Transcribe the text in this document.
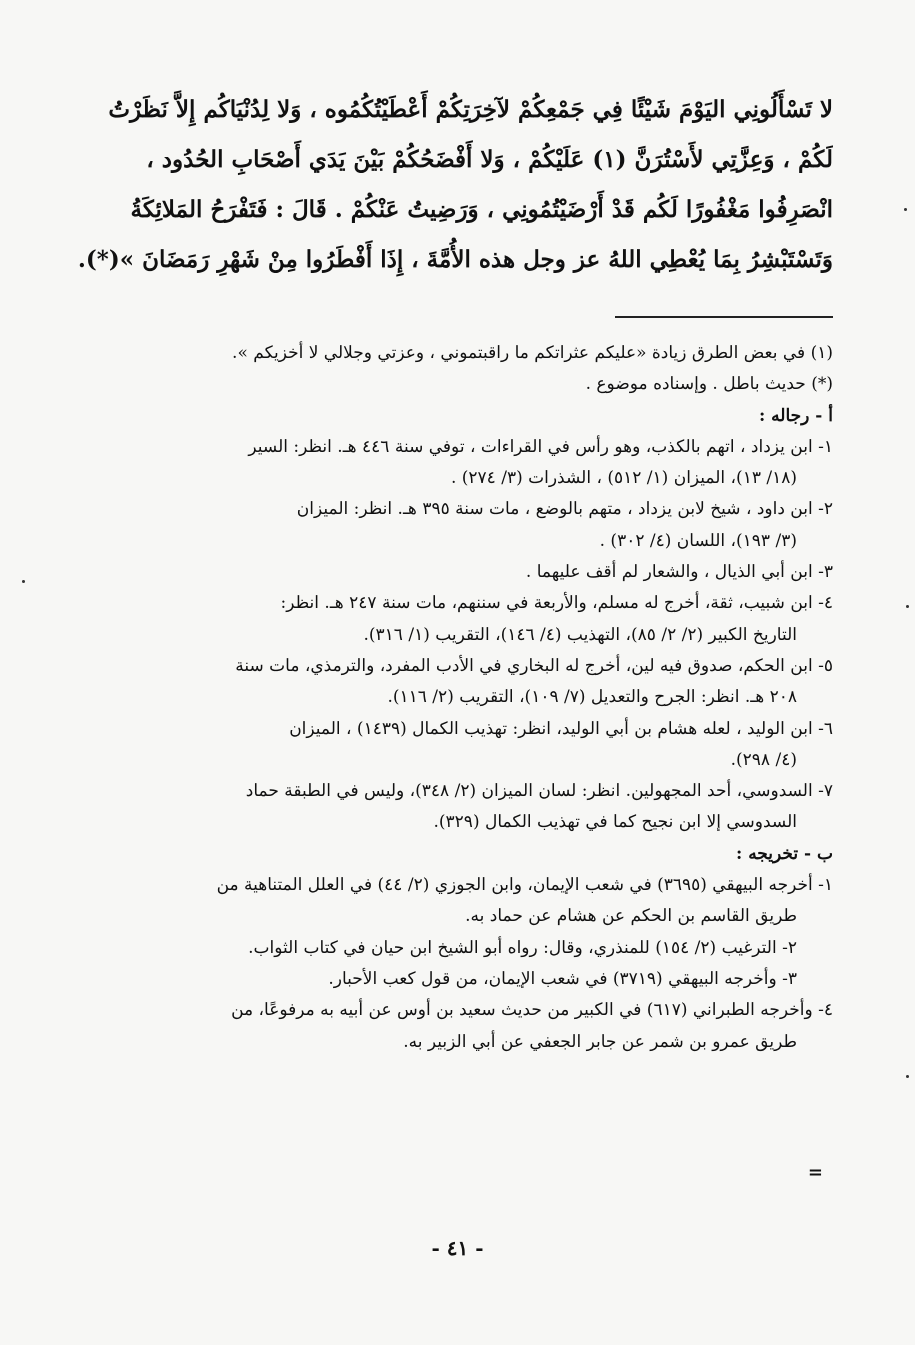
لا تَسْأَلُونِي اليَوْمَ شَيْئًا فِي جَمْعِكُمْ لآخِرَتِكُمْ أَعْطَيْتُكُمُوه ، وَلا لِدُنْيَاكُم إِلاَّ نَظَرْتُ
لَكُمْ ، وَعِزَّتِي لأَسْتُرَنَّ (١) عَلَيْكُمْ ، وَلا أَفْضَحُكُمْ بَيْنَ يَدَي أَصْحَابِ الحُدُود ،
انْصَرِفُوا مَغْفُورًا لَكُم قَدْ أَرْضَيْتُمُونِي ، وَرَضِيتُ عَنْكُمْ . قَالَ : فَتَفْرَحُ المَلائِكَةُ
وَتَسْتَبْشِرُ بِمَا يُعْطِي اللهُ عز وجل هذه الأُمَّةَ ، إِذَا أَفْطَرُوا مِنْ شَهْرِ رَمَضَانَ »(*).
(١) في بعض الطرق زيادة «عليكم عثراتكم ما راقبتموني ، وعزتي وجلالي لا أخزيكم ».
(*) حديث باطل . وإسناده موضوع .
أ - رجاله :
١- ابن يزداد ، اتهم بالكذب، وهو رأس في القراءات ، توفي سنة ٤٤٦ هـ. انظر: السير
(١٨/ ١٣)، الميزان (١/ ٥١٢) ، الشذرات (٣/ ٢٧٤) .
٢- ابن داود ، شيخ لابن يزداد ، متهم بالوضع ، مات سنة ٣٩٥ هـ. انظر: الميزان
(٣/ ١٩٣)، اللسان (٤/ ٣٠٢) .
٣- ابن أبي الذيال ، والشعار لم أقف عليهما .
٤- ابن شبيب، ثقة، أخرج له مسلم، والأربعة في سننهم، مات سنة ٢٤٧ هـ. انظر:
التاريخ الكبير (٢/ ٢/ ٨٥)، التهذيب (٤/ ١٤٦)، التقريب (١/ ٣١٦).
٥- ابن الحكم، صدوق فيه لين، أخرج له البخاري في الأدب المفرد، والترمذي، مات سنة
٢٠٨ هـ. انظر: الجرح والتعديل (٧/ ١٠٩)، التقريب (٢/ ١١٦).
٦- ابن الوليد ، لعله هشام بن أبي الوليد، انظر: تهذيب الكمال (١٤٣٩) ، الميزان
(٤/ ٢٩٨).
٧- السدوسي، أحد المجهولين. انظر: لسان الميزان (٢/ ٣٤٨)، وليس في الطبقة حماد
السدوسي إلا ابن نجيح كما في تهذيب الكمال (٣٢٩).
ب - تخريجه :
١- أخرجه البيهقي (٣٦٩٥) في شعب الإيمان، وابن الجوزي (٢/ ٤٤) في العلل المتناهية من
طريق القاسم بن الحكم عن هشام عن حماد به.
٢- الترغيب (٢/ ١٥٤) للمنذري، وقال: رواه أبو الشيخ ابن حيان في كتاب الثواب.
٣- وأخرجه البيهقي (٣٧١٩) في شعب الإيمان، من قول كعب الأحبار.
٤- وأخرجه الطبراني (٦١٧) في الكبير من حديث سعيد بن أوس عن أبيه به مرفوعًا، من
طريق عمرو بن شمر عن جابر الجعفي عن أبي الزبير به.
=
- ٤١ -
